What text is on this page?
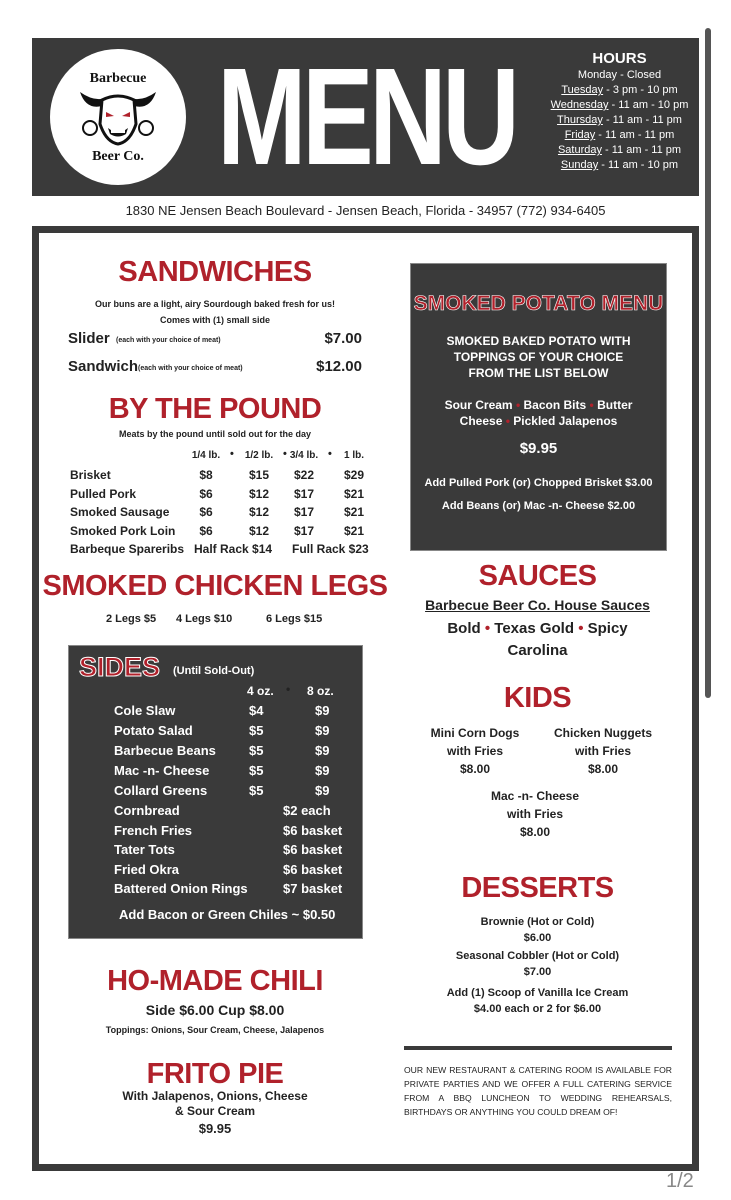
Barbecue
Beer Co. MENU	HOURS
Monday - Closed
Tuesday - 3 pm - 10 pm
Wednesday - 11 am - 10 pm
Thursday - 11 am - 11 pm
Friday - 11 am - 11 pm
Saturday - 11 am - 11 pm
Sunday - 11 am - 10 pm
1830 NE Jensen Beach Boulevard - Jensen Beach, Florida - 34957 (772) 934-6405
SANDWICHES
Our buns are a light, airy Sourdough baked fresh for us!
Comes with (1) small side
BY THE POUND
Meats by the pound until sold out for the day
SMOKED CHICKEN LEGS
SIDES (Until Sold-Out)
4 oz. • 8 oz.
Add Bacon or Green Chiles ~ $0.50
Cole Slaw	$4	$9
Potato Salad	$5	$9
Barbecue Beans	$5	$9
Mac -n- Cheese	$5	$9
Collard Greens	$5	$9
Cornbread	$2 each
French Fries	$6 basket
Tater Tots	$6 basket
Fried Okra	$6 basket
Battered Onion Rings	$7 basket
HO-MADE CHILI
Side $6.00 Cup $8.00
Toppings: Onions, Sour Cream, Cheese, Jalapenos
FRITO PIE
With Jalapenos, Onions, Cheese
& Sour Cream
$9.95
SMOKED POTATO MENU
SMOKED BAKED POTATO WITH
TOPPINGS OF YOUR CHOICE
FROM THE LIST BELOW
Sour Cream • Bacon Bits • Butter
Cheese • Pickled Jalapenos
$9.95
Add Pulled Pork (or) Chopped Brisket $3.00
Add Beans (or) Mac -n- Cheese $2.00
SAUCES
Barbecue Beer Co. House Sauces
Bold • Texas Gold • Spicy
Carolina
KIDS
Mini Corn Dogs
with Fries
$8.00
Chicken Nuggets
with Fries
$8.00
Mac -n- Cheese
with Fries
$8.00
DESSERTS
Brownie (Hot or Cold)
$6.00
Seasonal Cobbler (Hot or Cold)
$7.00
Add (1) Scoop of Vanilla Ice Cream
$4.00 each or 2 for $6.00
OUR NEW RESTAURANT & CATERING ROOM IS AVAILABLE FOR PRIVATE PARTIES AND WE OFFER A FULL CATERING SERVICE FROM A BBQ LUNCHEON TO WEDDING REHEARSALS, BIRTHDAYS OR ANYTHING YOU COULD DREAM OF!
1/2
Slider (each with your choice of meat)	$7.00
Sandwich (each with your choice of meat)	$12.00
1/4 lb. •	1/2 lb. • 3/4 lb. •	1 lb.
Brisket	$8	$15	$22	$29
Pulled Pork	$6	$12	$17	$21
Smoked Sausage	$6	$12	$17	$21
Smoked Pork Loin	$6	$12	$17	$21
Barbeque Spareribs Half Rack $14 Full Rack $23
2 Legs $5 4 Legs $10	6 Legs $15
